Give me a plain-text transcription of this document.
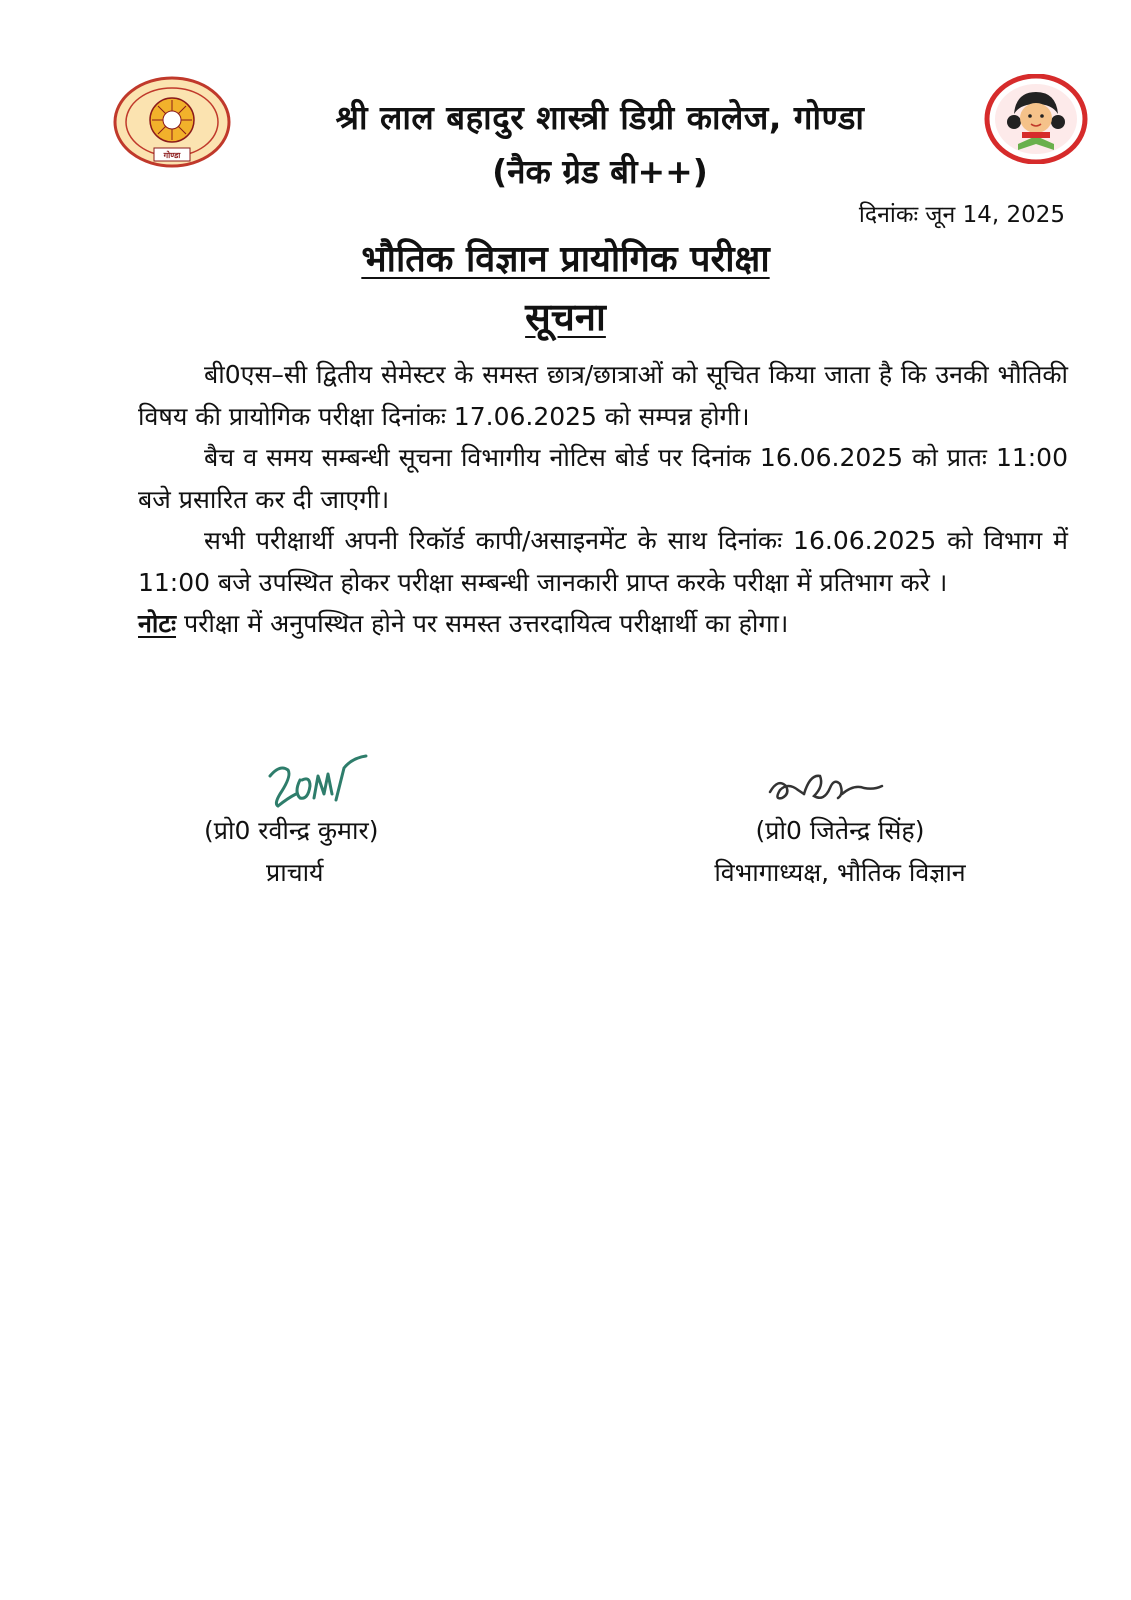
गोण्डा
श्री लाल बहादुर शास्त्री डिग्री कालेज, गोण्डा
(नैक ग्रेड बी++)
दिनांकः जून 14, 2025
भौतिक विज्ञान प्रायोगिक परीक्षा
सूचना

बी0एस–सी द्वितीय सेमेस्टर के समस्त छात्र/छात्राओं को सूचित किया जाता है कि उनकी भौतिकी विषय की प्रायोगिक परीक्षा दिनांकः 17.06.2025 को सम्पन्न होगी।

बैच व समय सम्बन्धी सूचना विभागीय नोटिस बोर्ड पर दिनांक 16.06.2025 को प्रातः 11:00 बजे प्रसारित कर दी जाएगी।

सभी परीक्षार्थी अपनी रिकॉर्ड कापी/असाइनमेंट के साथ दिनांकः 16.06.2025 को विभाग में 11:00 बजे उपस्थित होकर परीक्षा सम्बन्धी जानकारी प्राप्त करके परीक्षा में प्रतिभाग करे ।

नोटः परीक्षा में अनुपस्थित होने पर समस्त उत्तरदायित्व परीक्षार्थी का होगा।

(प्रो0 रवीन्द्र कुमार)
प्राचार्य
(प्रो0 जितेन्द्र सिंह)
विभागाध्यक्ष, भौतिक विज्ञान
